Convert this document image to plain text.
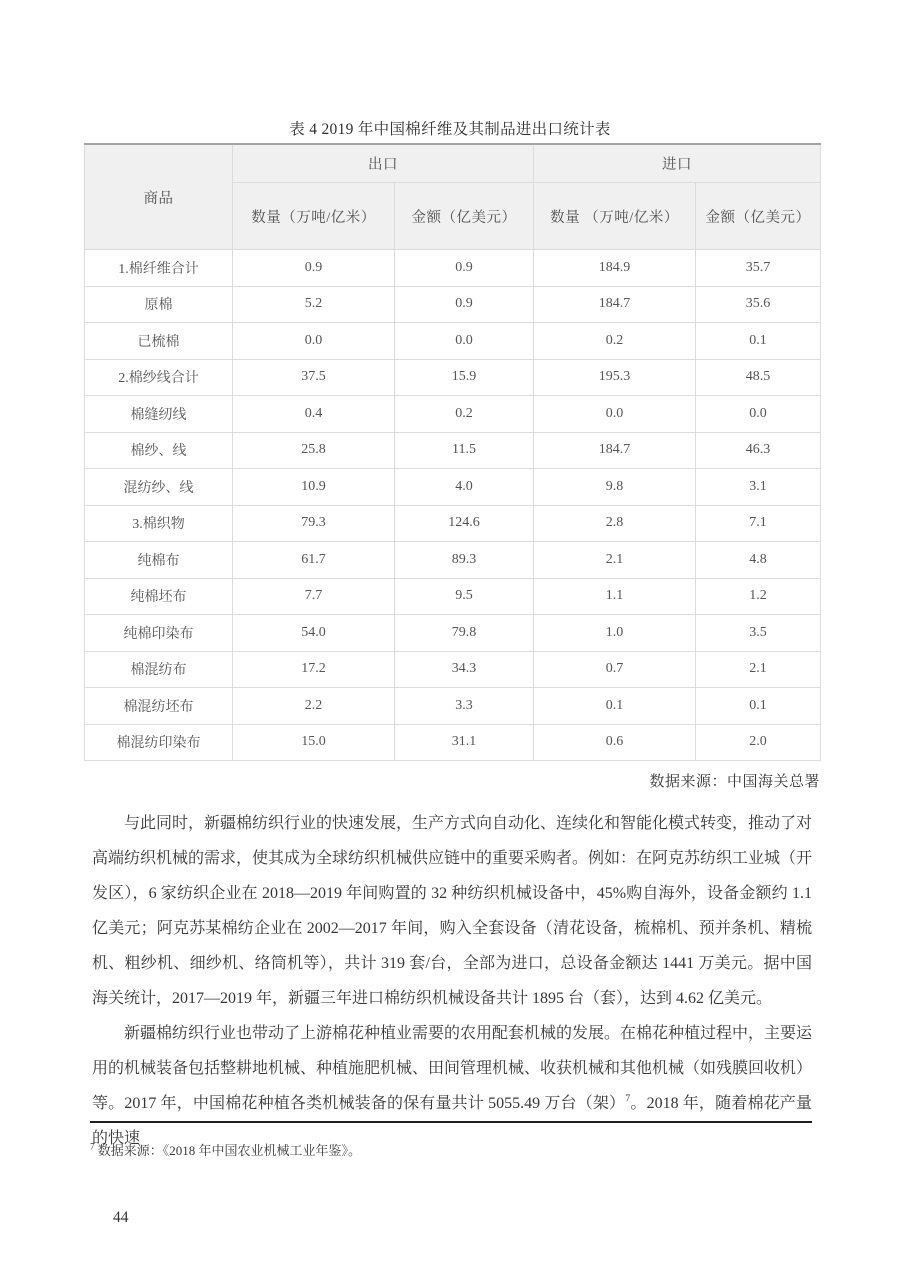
表 4 2019 年中国棉纤维及其制品进出口统计表
商品	出口		进口	
	数量（万吨/亿米）	金额（亿美元）	数量 （万吨/亿米）	金额（亿美元）
1.棉纤维合计	0.9	0.9	184.9	35.7
原棉	5.2	0.9	184.7	35.6
已梳棉	0.0	0.0	0.2	0.1
2.棉纱线合计	37.5	15.9	195.3	48.5
棉缝纫线	0.4	0.2	0.0	0.0
棉纱、线	25.8	11.5	184.7	46.3
混纺纱、线	10.9	4.0	9.8	3.1
3.棉织物	79.3	124.6	2.8	7.1
纯棉布	61.7	89.3	2.1	4.8
纯棉坯布	7.7	9.5	1.1	1.2
纯棉印染布	54.0	79.8	1.0	3.5
棉混纺布	17.2	34.3	0.7	2.1
棉混纺坯布	2.2	3.3	0.1	0.1
棉混纺印染布	15.0	31.1	0.6	2.0
数据来源：中国海关总署

与此同时，新疆棉纺织行业的快速发展，生产方式向自动化、连续化和智能化模式转变，推动了对高端纺织机械的需求，使其成为全球纺织机械供应链中的重要采购者。例如：在阿克苏纺织工业城（开发区），6 家纺织企业在 2018—2019 年间购置的 32 种纺织机械设备中，45%购自海外，设备金额约 1.1 亿美元；阿克苏某棉纺企业在 2002—2017 年间，购入全套设备（清花设备，梳棉机、预并条机、精梳机、粗纱机、细纱机、络筒机等），共计 319 套/台，全部为进口，总设备金额达 1441 万美元。据中国海关统计，2017—2019 年，新疆三年进口棉纺织机械设备共计 1895 台（套），达到 4.62 亿美元。

新疆棉纺织行业也带动了上游棉花种植业需要的农用配套机械的发展。在棉花种植过程中，主要运用的机械装备包括整耕地机械、种植施肥机械、田间管理机械、收获机械和其他机械（如残膜回收机）等。2017 年，中国棉花种植各类机械装备的保有量共计 5055.49 万台（架）$^7$。2018 年，随着棉花产量的快速

$^7$ 数据来源：《2018 年中国农业机械工业年鉴》。
44
